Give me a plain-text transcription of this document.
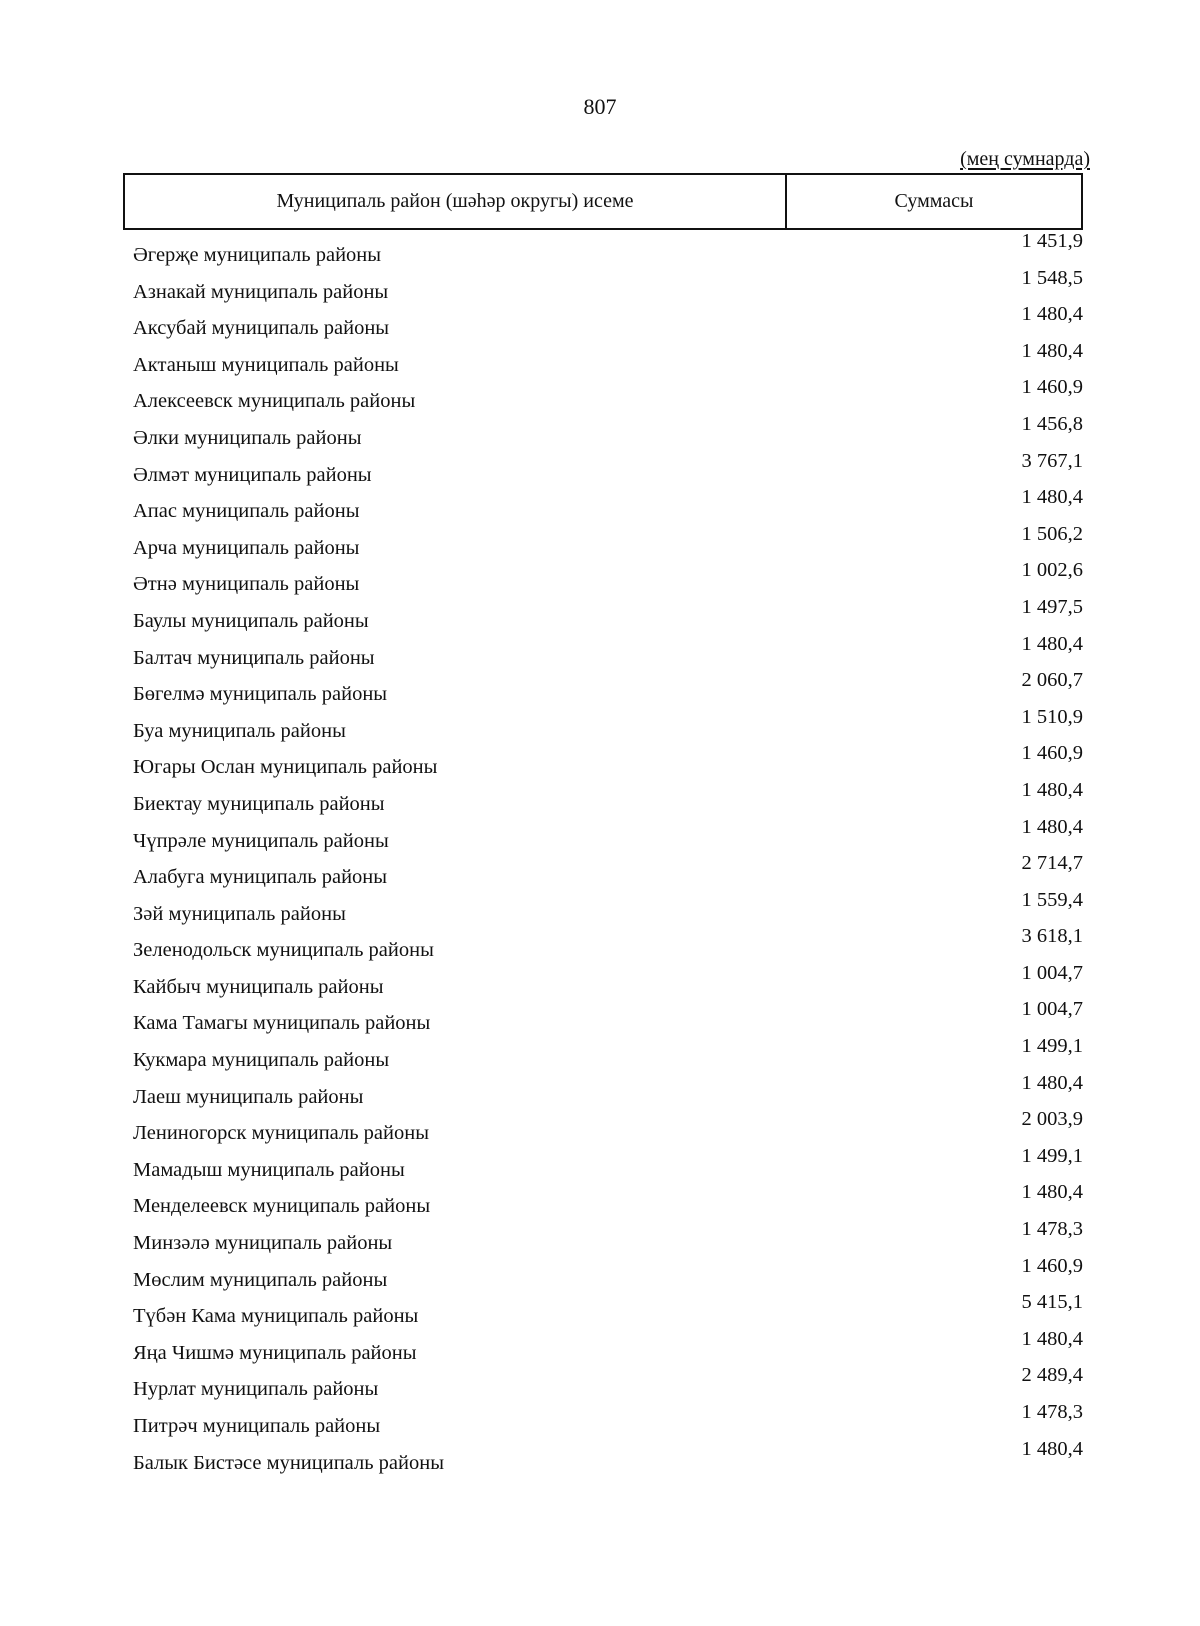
807
(мең сумнарда)
Муниципаль район (шәһәр округы) исеме	Суммасы
Әгерҗе муниципаль районы
1 451,9
Азнакай муниципаль районы
1 548,5
Аксубай муниципаль районы
1 480,4
Актаныш муниципаль районы
1 480,4
Алексеевск муниципаль районы
1 460,9
Әлки муниципаль районы
1 456,8
Әлмәт муниципаль районы
3 767,1
Апас муниципаль районы
1 480,4
Арча муниципаль районы
1 506,2
Әтнә муниципаль районы
1 002,6
Баулы муниципаль районы
1 497,5
Балтач муниципаль районы
1 480,4
Бөгелмә муниципаль районы
2 060,7
Буа муниципаль районы
1 510,9
Югары Ослан муниципаль районы
1 460,9
Биектау муниципаль районы
1 480,4
Чүпрәле муниципаль районы
1 480,4
Алабуга муниципаль районы
2 714,7
Зәй муниципаль районы
1 559,4
Зеленодольск муниципаль районы
3 618,1
Кайбыч муниципаль районы
1 004,7
Кама Тамагы муниципаль районы
1 004,7
Кукмара муниципаль районы
1 499,1
Лаеш муниципаль районы
1 480,4
Лениногорск муниципаль районы
2 003,9
Мамадыш муниципаль районы
1 499,1
Менделеевск муниципаль районы
1 480,4
Минзәлә муниципаль районы
1 478,3
Мөслим муниципаль районы
1 460,9
Түбән Кама муниципаль районы
5 415,1
Яңа Чишмә муниципаль районы
1 480,4
Нурлат муниципаль районы
2 489,4
Питрәч муниципаль районы
1 478,3
Балык Бистәсе муниципаль районы
1 480,4
